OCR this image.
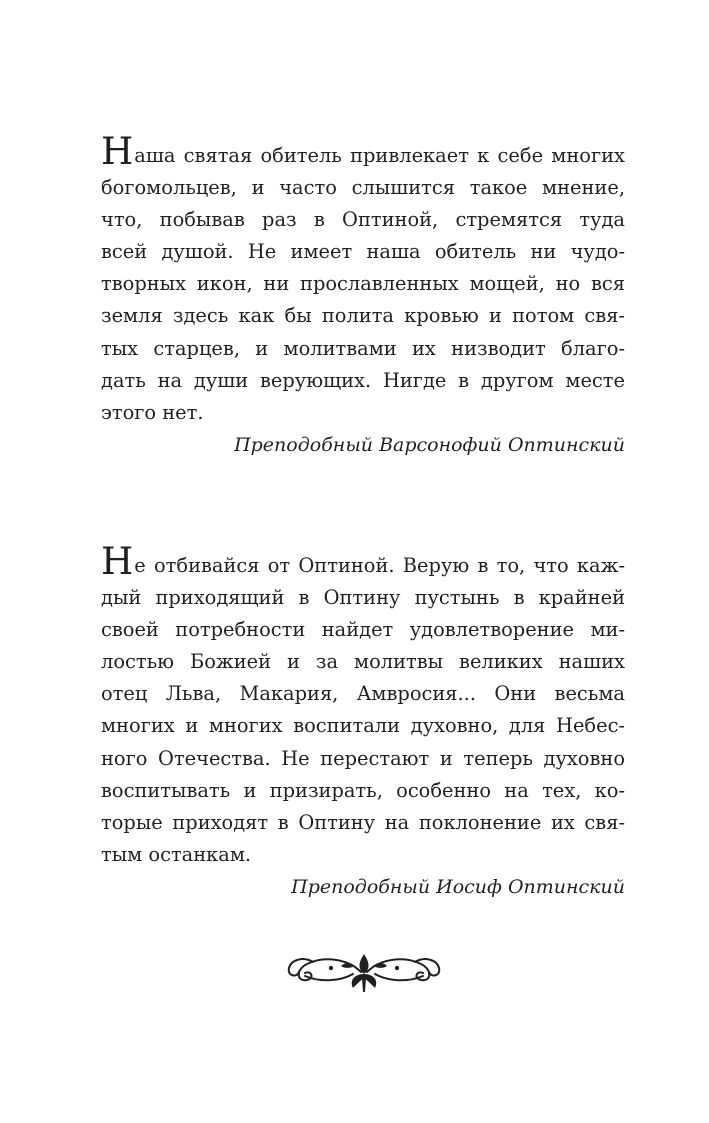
Наша святая обитель привлекает к себе многих
богомольцев, и часто слышится такое мнение,
что, побывав раз в Оптиной, стремятся туда
всей душой. Не имеет наша обитель ни чудо-
творных икон, ни прославленных мощей, но вся
земля здесь как бы полита кровью и потом свя-
тых старцев, и молитвами их низводит благо-
дать на души верующих. Нигде в другом месте
этого нет.
Преподобный Варсонофий Оптинский
Не отбивайся от Оптиной. Верую в то, что каж-
дый приходящий в Оптину пустынь в крайней
своей потребности найдет удовлетворение ми-
лостью Божией и за молитвы великих наших
отец Льва, Макария, Амвросия... Они весьма
многих и многих воспитали духовно, для Небес-
ного Отечества. Не перестают и теперь духовно
воспитывать и призирать, особенно на тех, ко-
торые приходят в Оптину на поклонение их свя-
тым останкам.
Преподобный Иосиф Оптинский
